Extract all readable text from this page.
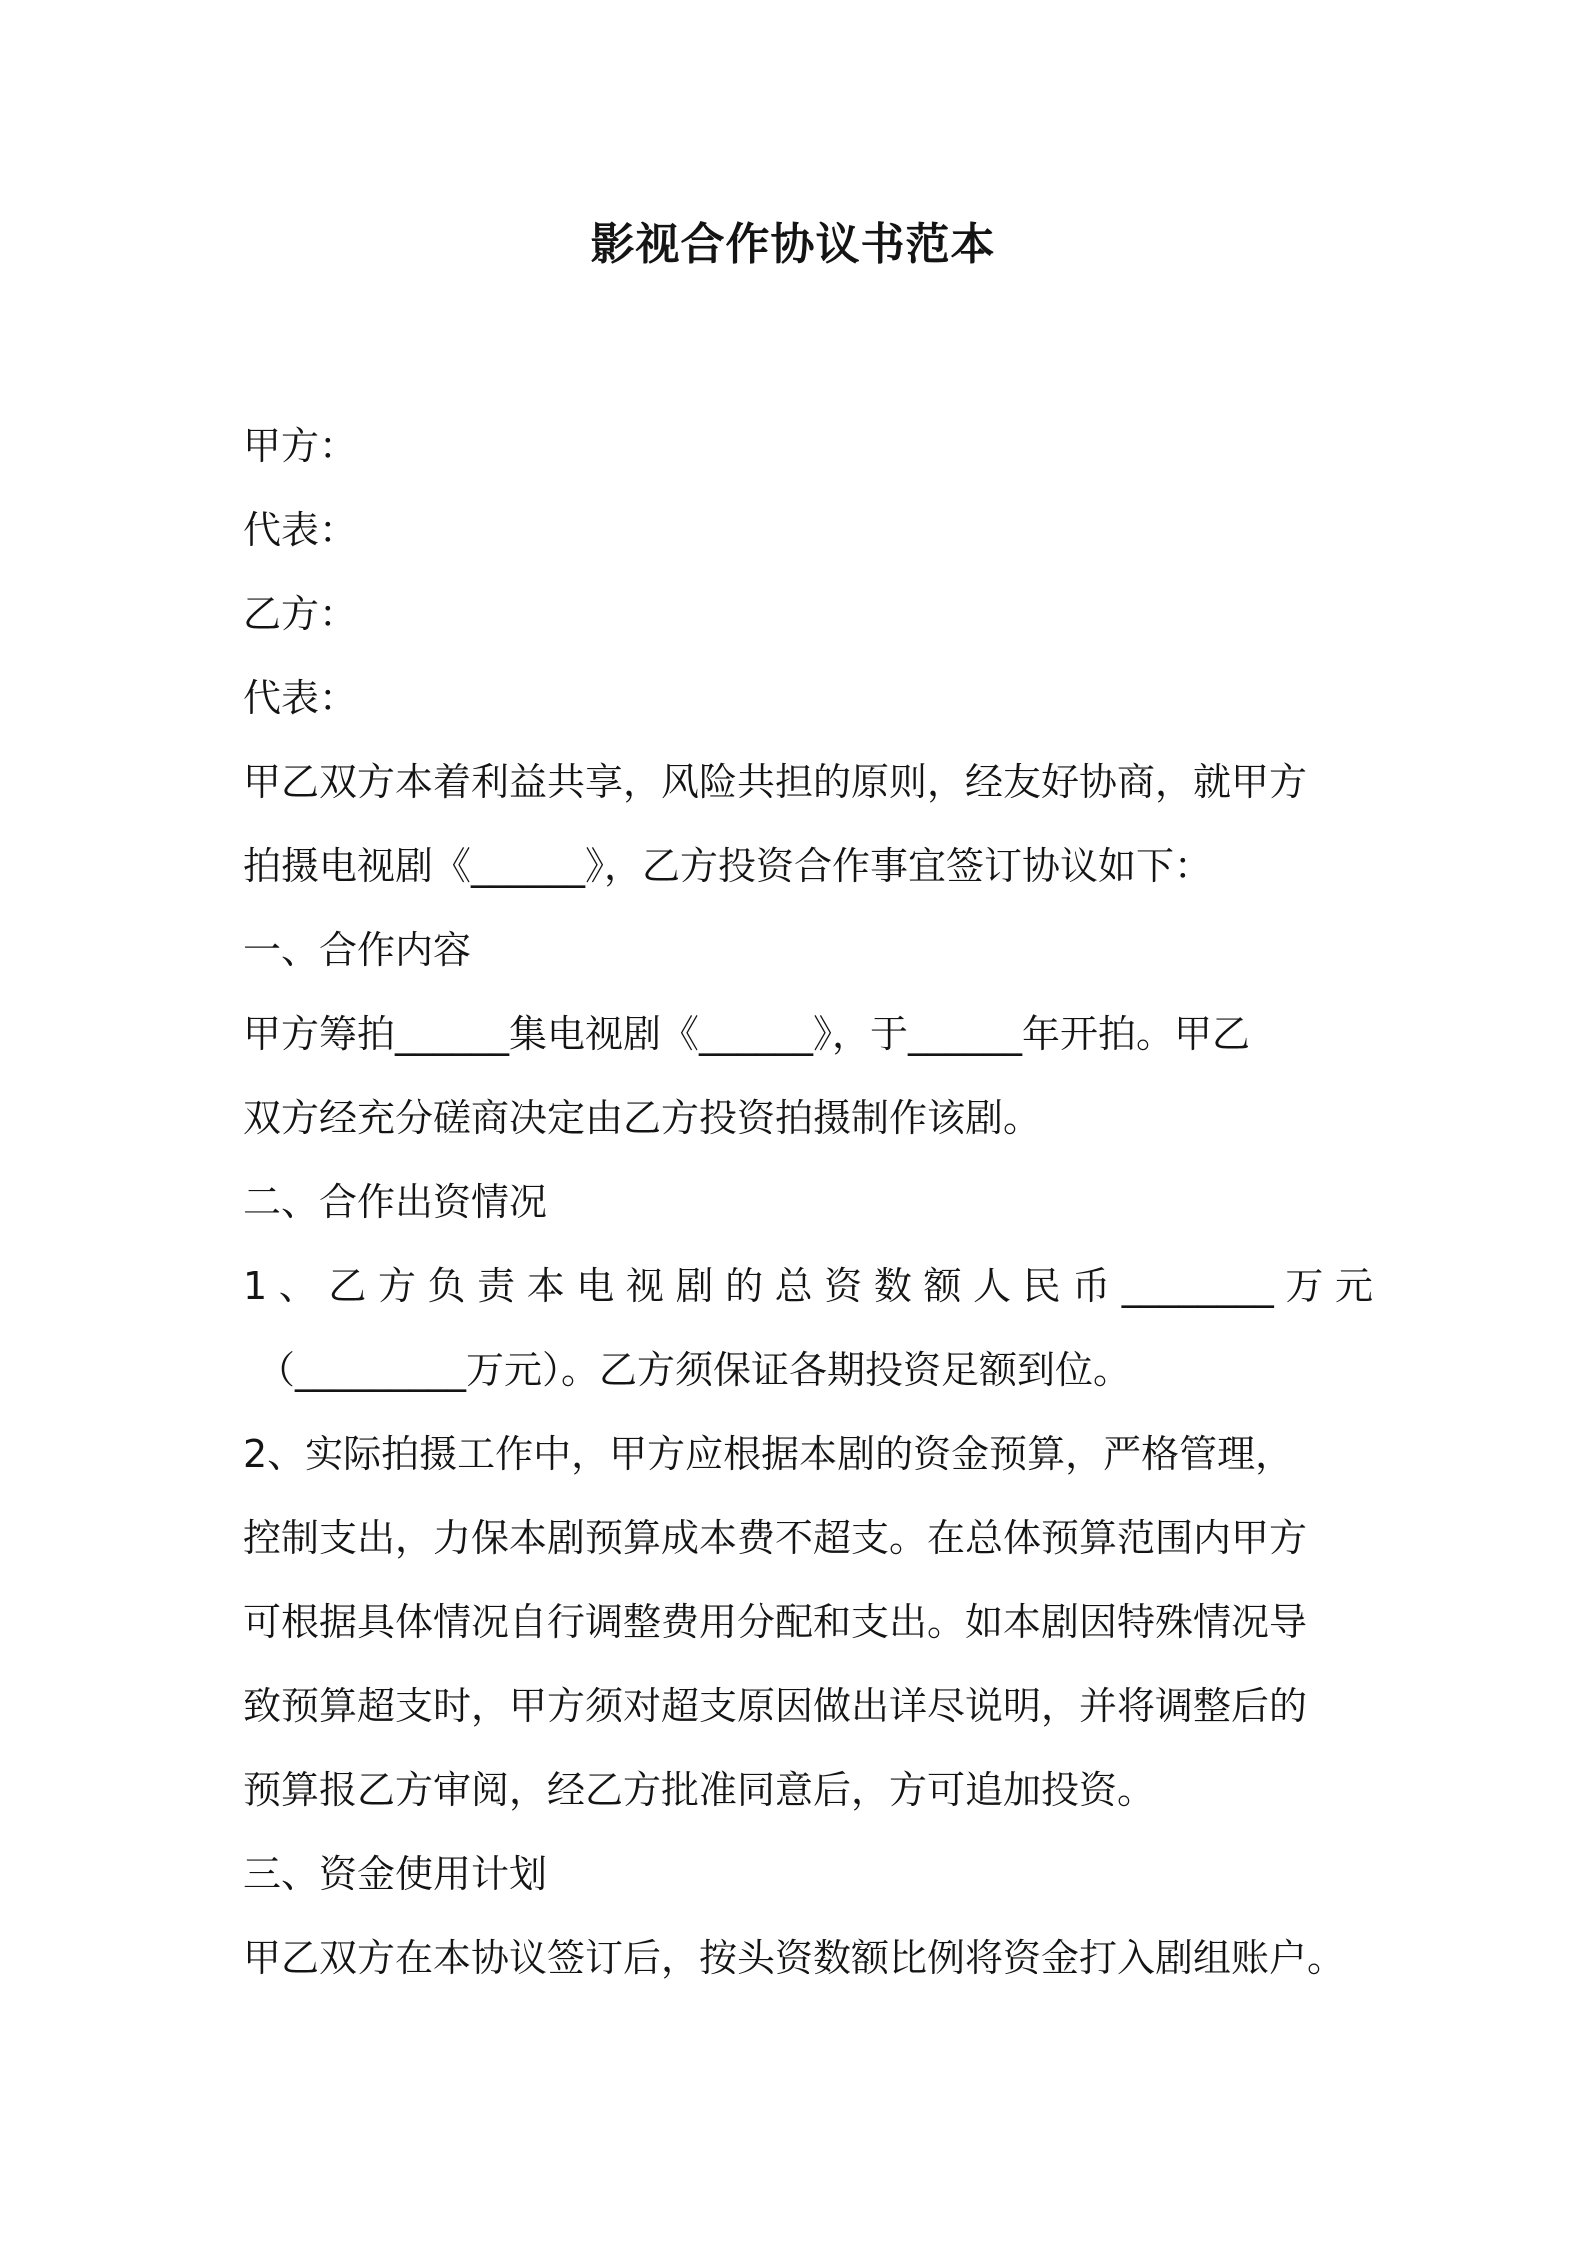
影视合作协议书范本

甲方：

代表：

乙方：

代表：

甲乙双方本着利益共享，风险共担的原则，经友好协商，就甲方

拍摄电视剧《______》，乙方投资合作事宜签订协议如下：

一、合作内容

甲方筹拍______集电视剧《______》，于______年开拍。甲乙

双方经充分磋商决定由乙方投资拍摄制作该剧。

二、合作出资情况

1、乙方负责本电视剧的总资数额人民币________万元

（_________万元）。乙方须保证各期投资足额到位。

2、实际拍摄工作中，甲方应根据本剧的资金预算，严格管理，

控制支出，力保本剧预算成本费不超支。在总体预算范围内甲方

可根据具体情况自行调整费用分配和支出。如本剧因特殊情况导

致预算超支时，甲方须对超支原因做出详尽说明，并将调整后的

预算报乙方审阅，经乙方批准同意后，方可追加投资。

三、资金使用计划

甲乙双方在本协议签订后，按头资数额比例将资金打入剧组账户。
